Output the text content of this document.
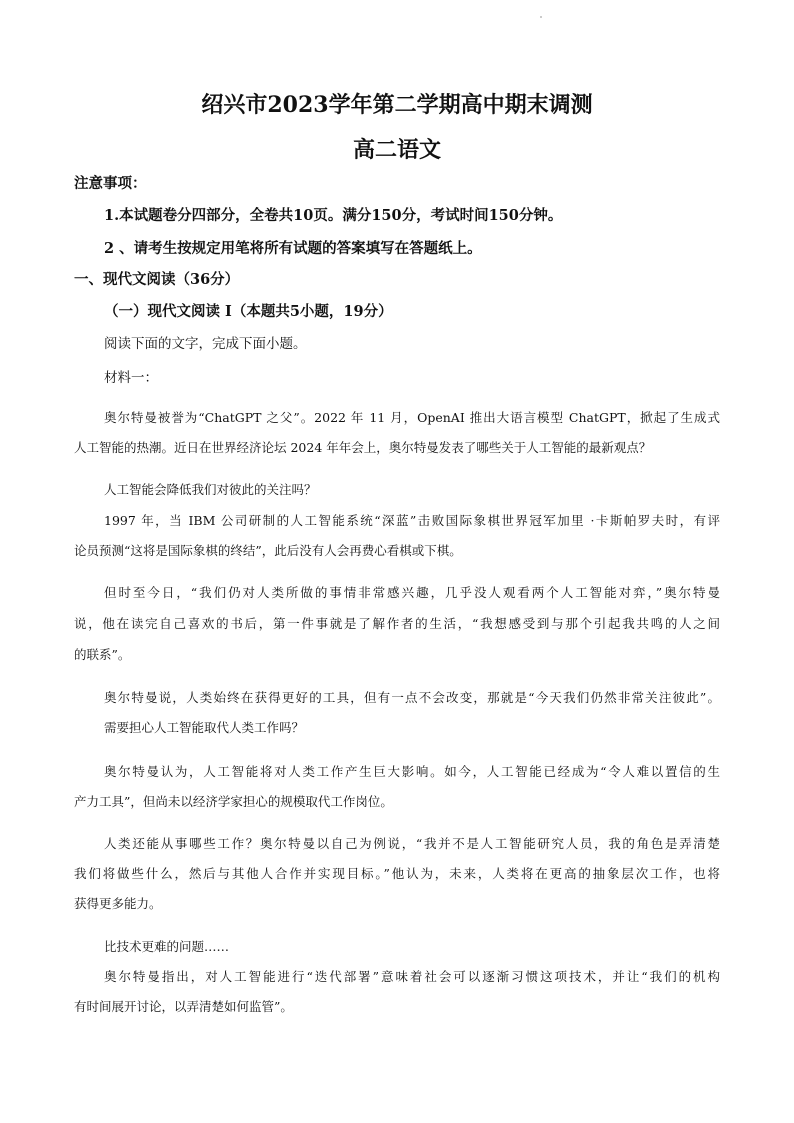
绍兴市2023学年第二学期高中期末调测
高二语文
注意事项：
1.本试题卷分四部分，全卷共10页。满分150分，考试时间150分钟。
2 、请考生按规定用笔将所有试题的答案填写在答题纸上。
一、现代文阅读（36分）
（一）现代文阅读 Ⅰ（本题共5小题，19分）
阅读下面的文字，完成下面小题。
材料一：
奥尔特曼被誉为“ChatGPT 之父”。2022 年 11 月，OpenAI 推出大语言模型 ChatGPT，掀起了生成式
人工智能的热潮。近日在世界经济论坛 2024 年年会上，奥尔特曼发表了哪些关于人工智能的最新观点？
人工智能会降低我们对彼此的关注吗？
1997 年，当 IBM 公司研制的人工智能系统“深蓝”击败国际象棋世界冠军加里 ·卡斯帕罗夫时，有评
论员预测“这将是国际象棋的终结”，此后没有人会再费心看棋或下棋。
但时至今日，“我们仍对人类所做的事情非常感兴趣，几乎没人观看两个人工智能对弈，”奥尔特曼
说，他在读完自己喜欢的书后，第一件事就是了解作者的生活，“我想感受到与那个引起我共鸣的人之间
的联系”。
奥尔特曼说，人类始终在获得更好的工具，但有一点不会改变，那就是“今天我们仍然非常关注彼此”。
需要担心人工智能取代人类工作吗？
奥尔特曼认为，人工智能将对人类工作产生巨大影响。如今，人工智能已经成为“令人难以置信的生
产力工具”，但尚未以经济学家担心的规模取代工作岗位。
人类还能从事哪些工作？奥尔特曼以自己为例说，“我并不是人工智能研究人员，我的角色是弄清楚
我们将做些什么，然后与其他人合作并实现目标。”他认为，未来，人类将在更高的抽象层次工作，也将
获得更多能力。
比技术更难的问题……
奥尔特曼指出，对人工智能进行“迭代部署”意味着社会可以逐渐习惯这项技术，并让“我们的机构
有时间展开讨论，以弄清楚如何监管”。
